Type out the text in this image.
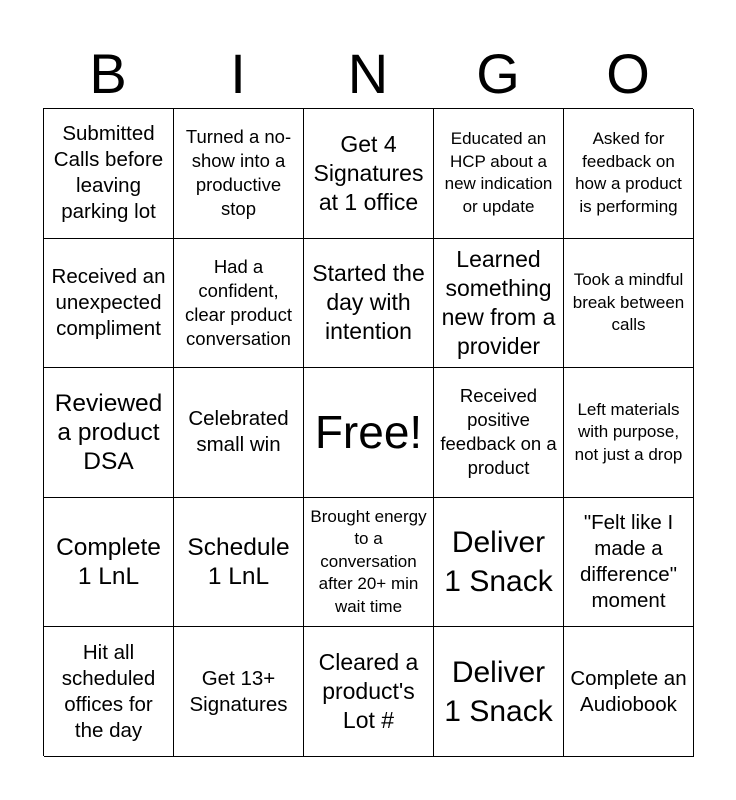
B	I	N	G	O
Submitted Calls before leaving parking lot
Turned a no-show into a productive stop
Get 4 Signatures at 1 office
Educated an HCP about a new indication or update
Asked for feedback on how a product is performing
Received an unexpected compliment
Had a confident, clear product conversation
Started the day with intention
Learned something new from a provider
Took a mindful break between calls
Reviewed a product DSA
Celebrated small win Free!
Received positive feedback on a product
Left materials with purpose, not just a drop
Complete 1 LnL
Schedule 1 LnL
Brought energy to a conversation after 20+ min wait time
Deliver 1 Snack
"Felt like I made a difference" moment
Hit all scheduled offices for the day
Get 13+ Signatures
Cleared a product's Lot #
Deliver 1 Snack
Complete an Audiobook
